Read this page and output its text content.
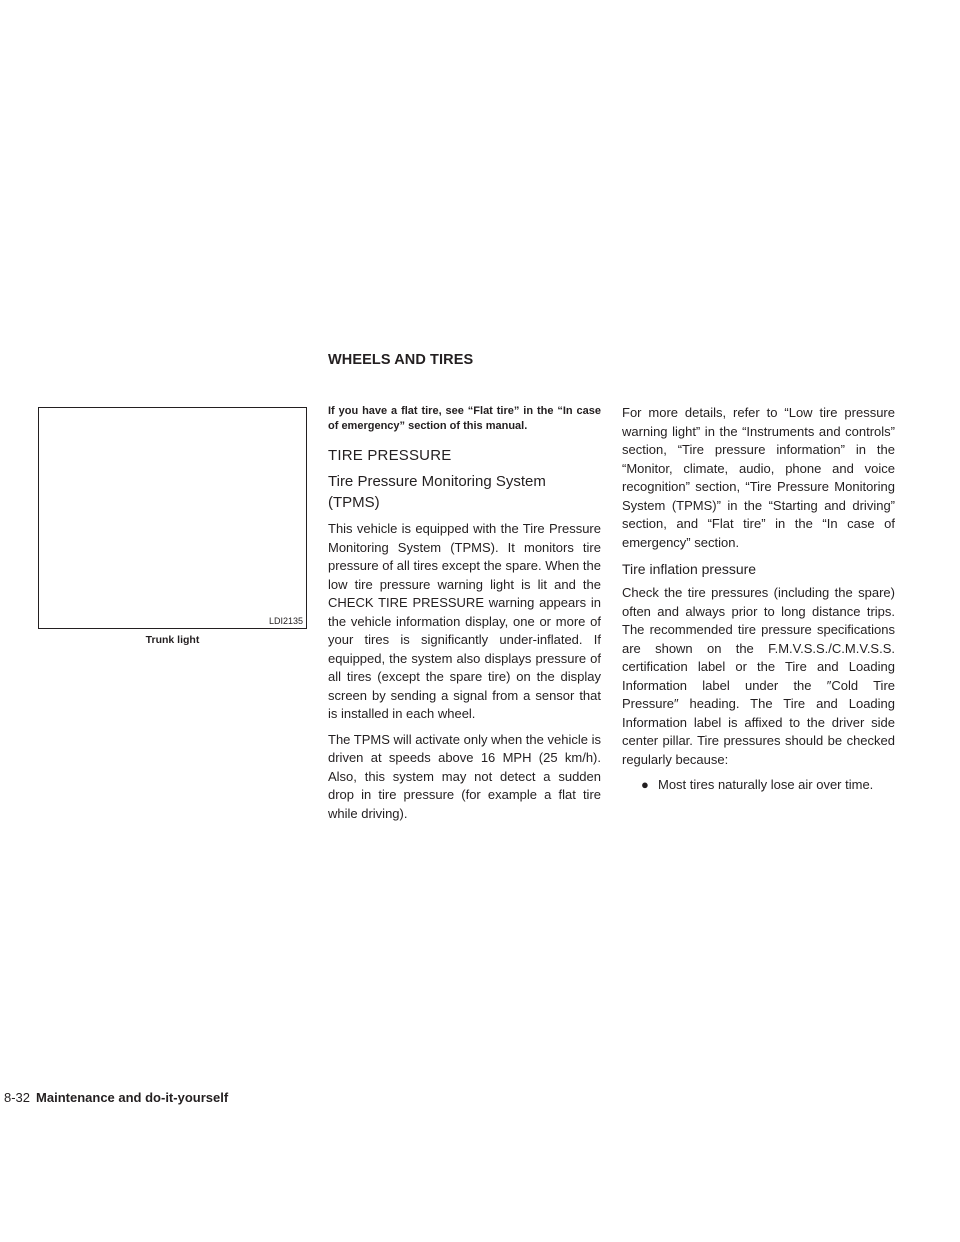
WHEELS AND TIRES
LDI2135
Trunk light

If you have a flat tire, see “Flat tire” in the “In case of emergency” section of this manual.

TIRE PRESSURE
Tire Pressure Monitoring System (TPMS)

This vehicle is equipped with the Tire Pressure Monitoring System (TPMS). It monitors tire pressure of all tires except the spare. When the low tire pressure warning light is lit and the CHECK TIRE PRESSURE warning appears in the vehicle information display, one or more of your tires is significantly under-inflated. If equipped, the system also displays pressure of all tires (except the spare tire) on the display screen by sending a signal from a sensor that is installed in each wheel.

The TPMS will activate only when the vehicle is driven at speeds above 16 MPH (25 km/h). Also, this system may not detect a sudden drop in tire pressure (for example a flat tire while driving).

For more details, refer to “Low tire pressure warning light” in the “Instruments and controls” section, “Tire pressure information” in the “Monitor, climate, audio, phone and voice recognition” section, “Tire Pressure Monitoring System (TPMS)” in the “Starting and driving” section, and “Flat tire” in the “In case of emergency” section.

Tire inflation pressure

Check the tire pressures (including the spare) often and always prior to long distance trips. The recommended tire pressure specifications are shown on the F.M.V.S.S./C.M.V.S.S. certification label or the Tire and Loading Information label under the ″Cold Tire Pressure″ heading. The Tire and Loading Information label is affixed to the driver side center pillar. Tire pressures should be checked regularly because:

● Most tires naturally lose air over time.
8-32 Maintenance and do-it-yourself
